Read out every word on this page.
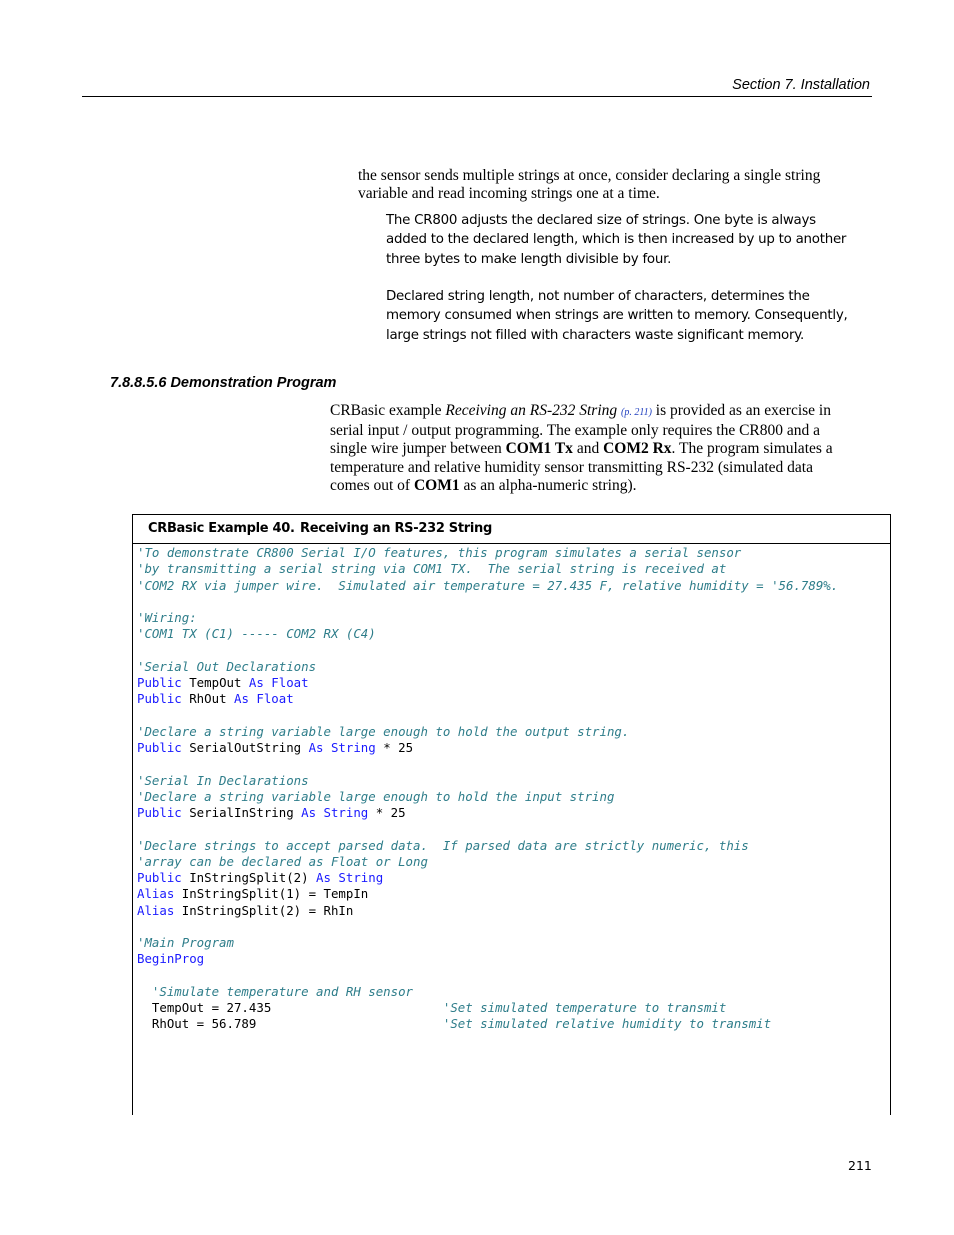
Section 7. Installation
the sensor sends multiple strings at once, consider declaring a single string variable and read incoming strings one at a time.
The CR800 adjusts the declared size of strings. One byte is always added to the declared length, which is then increased by up to another three bytes to make length divisible by four.
Declared string length, not number of characters, determines the memory consumed when strings are written to memory. Consequently, large strings not filled with characters waste significant memory.
7.8.8.5.6 Demonstration Program
CRBasic example Receiving an RS-232 String (p. 211) is provided as an exercise in serial input / output programming. The example only requires the CR800 and a single wire jumper between COM1 Tx and COM2 Rx. The program simulates a temperature and relative humidity sensor transmitting RS-232 (simulated data comes out of COM1 as an alpha-numeric string).
CRBasic Example 40. Receiving an RS-232 String
'To demonstrate CR800 Serial I/O features, this program simulates a serial sensor
'by transmitting a serial string via COM1 TX.  The serial string is received at
'COM2 RX via jumper wire.  Simulated air temperature = 27.435 F, relative humidity = '56.789%.

'Wiring:
'COM1 TX (C1) ----- COM2 RX (C4)

'Serial Out Declarations
Public TempOut As Float
Public RhOut As Float

'Declare a string variable large enough to hold the output string.
Public SerialOutString As String * 25

'Serial In Declarations
'Declare a string variable large enough to hold the input string
Public SerialInString As String * 25

'Declare strings to accept parsed data.  If parsed data are strictly numeric, this
'array can be declared as Float or Long
Public InStringSplit(2) As String
Alias InStringSplit(1) = TempIn
Alias InStringSplit(2) = RhIn

'Main Program
BeginProg

'Simulate temperature and RH sensor
TempOut = 27.435                       'Set simulated temperature to transmit
RhOut = 56.789                         'Set simulated relative humidity to transmit
211
